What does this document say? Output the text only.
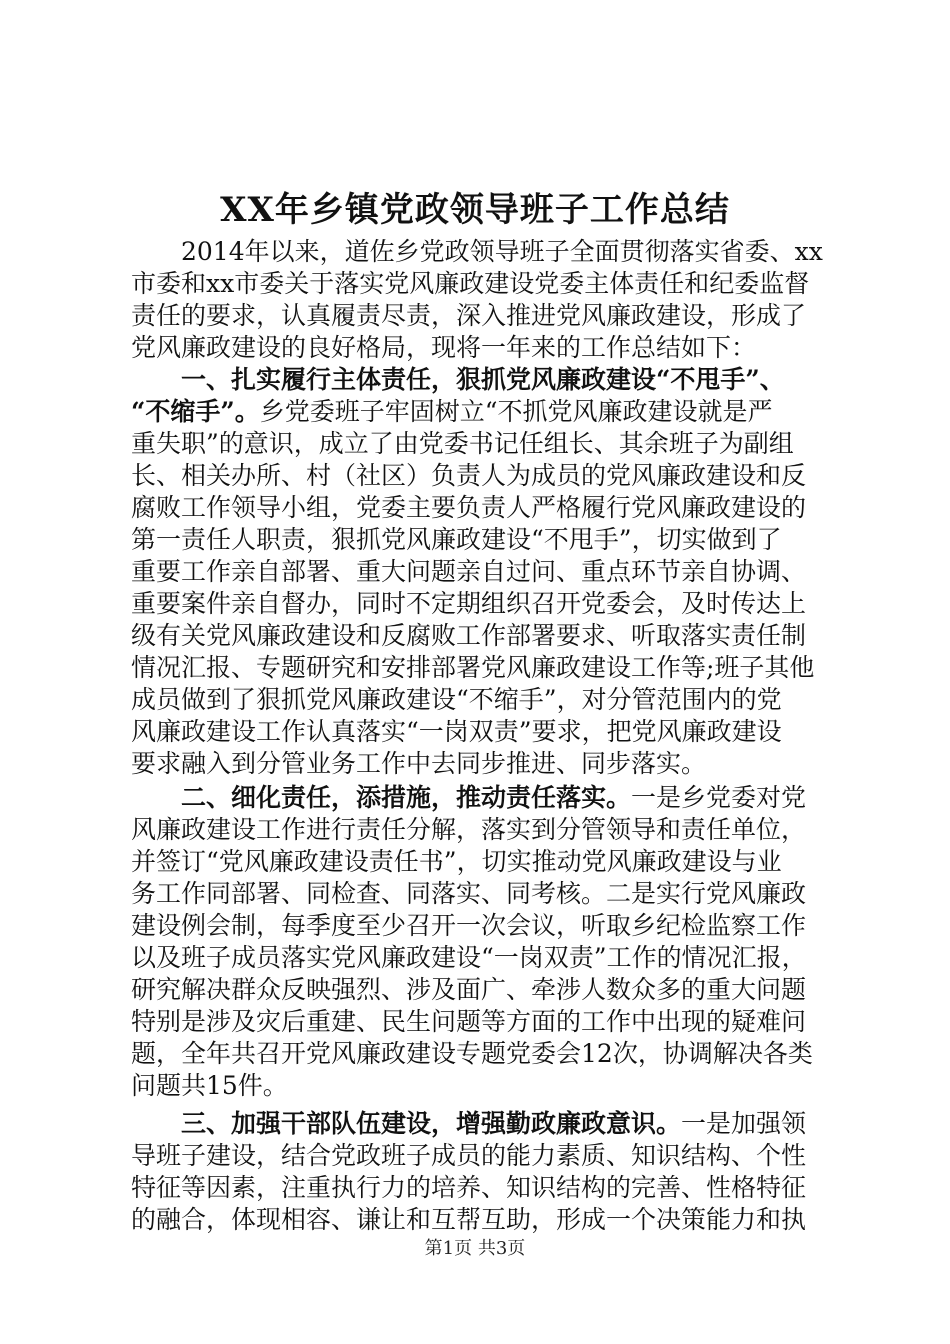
XX年乡镇党政领导班子工作总结
2014年以来，道佐乡党政领导班子全面贯彻落实省委、xx
市委和xx市委关于落实党风廉政建设党委主体责任和纪委监督
责任的要求，认真履责尽责，深入推进党风廉政建设，形成了
党风廉政建设的良好格局，现将一年来的工作总结如下：
一、扎实履行主体责任，狠抓党风廉政建设“不甩手”、
“不缩手”。乡党委班子牢固树立“不抓党风廉政建设就是严
重失职”的意识，成立了由党委书记任组长、其余班子为副组
长、相关办所、村（社区）负责人为成员的党风廉政建设和反
腐败工作领导小组，党委主要负责人严格履行党风廉政建设的
第一责任人职责，狠抓党风廉政建设“不甩手”，切实做到了
重要工作亲自部署、重大问题亲自过问、重点环节亲自协调、
重要案件亲自督办，同时不定期组织召开党委会，及时传达上
级有关党风廉政建设和反腐败工作部署要求、听取落实责任制
情况汇报、专题研究和安排部署党风廉政建设工作等;班子其他
成员做到了狠抓党风廉政建设“不缩手”，对分管范围内的党
风廉政建设工作认真落实“一岗双责”要求，把党风廉政建设
要求融入到分管业务工作中去同步推进、同步落实。
二、细化责任，添措施，推动责任落实。一是乡党委对党
风廉政建设工作进行责任分解，落实到分管领导和责任单位，
并签订“党风廉政建设责任书”，切实推动党风廉政建设与业
务工作同部署、同检查、同落实、同考核。二是实行党风廉政
建设例会制，每季度至少召开一次会议，听取乡纪检监察工作
以及班子成员落实党风廉政建设“一岗双责”工作的情况汇报，
研究解决群众反映强烈、涉及面广、牵涉人数众多的重大问题
特别是涉及灾后重建、民生问题等方面的工作中出现的疑难问
题，全年共召开党风廉政建设专题党委会12次，协调解决各类
问题共15件。
三、加强干部队伍建设，增强勤政廉政意识。一是加强领
导班子建设，结合党政班子成员的能力素质、知识结构、个性
特征等因素，注重执行力的培养、知识结构的完善、性格特征
的融合，体现相容、谦让和互帮互助，形成一个决策能力和执
第1页 共3页
